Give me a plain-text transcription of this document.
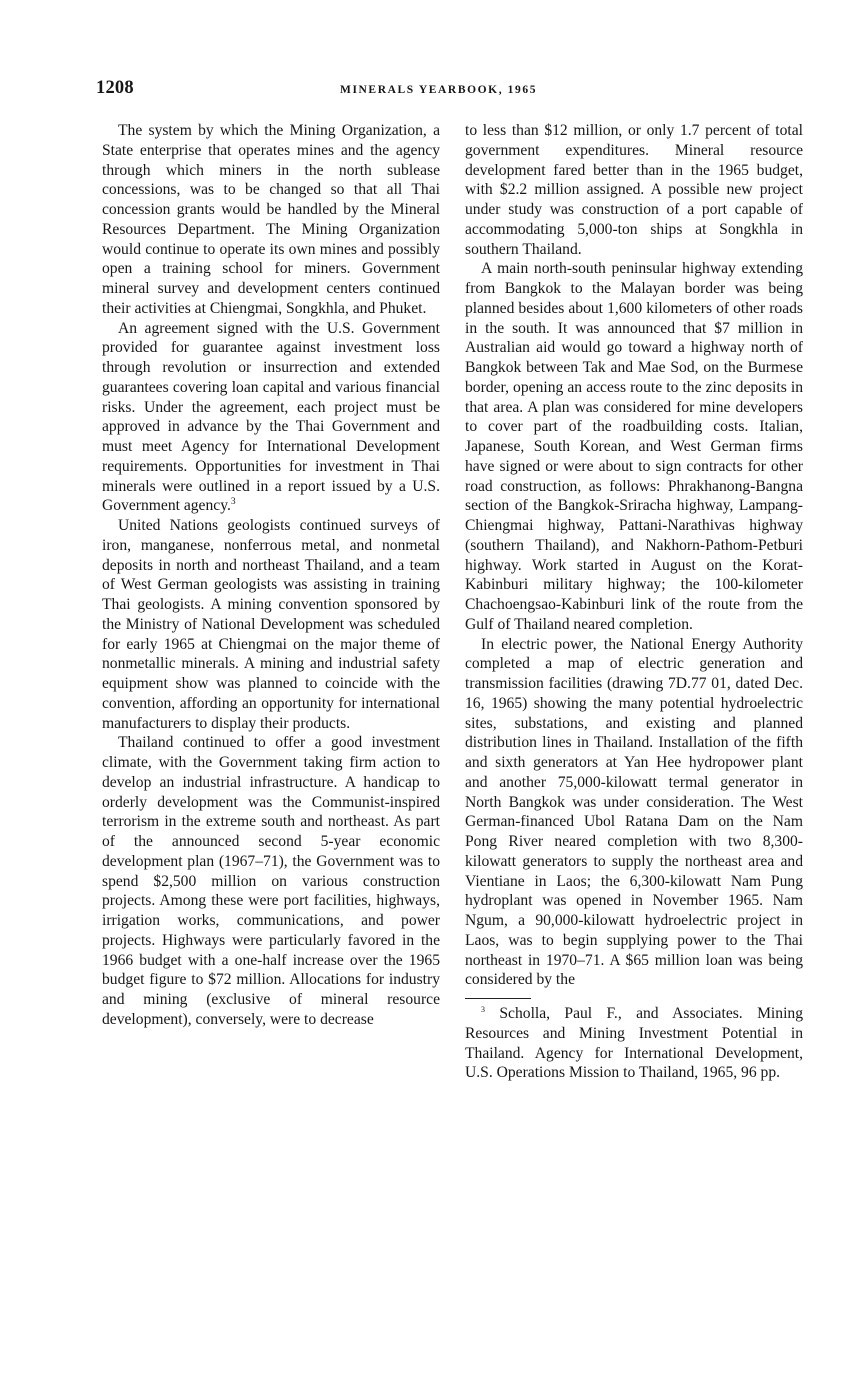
1208	MINERALS YEARBOOK, 1965

The system by which the Mining Organization, a State enterprise that operates mines and the agency through which miners in the north sublease concessions, was to be changed so that all Thai concession grants would be handled by the Mineral Resources Department. The Mining Organization would continue to operate its own mines and possibly open a training school for miners. Government mineral survey and development centers continued their activities at Chiengmai, Songkhla, and Phuket.

An agreement signed with the U.S. Government provided for guarantee against investment loss through revolution or insurrection and extended guarantees covering loan capital and various financial risks. Under the agreement, each project must be approved in advance by the Thai Government and must meet Agency for International Development requirements. Opportunities for investment in Thai minerals were outlined in a report issued by a U.S. Government agency.$^3$

United Nations geologists continued surveys of iron, manganese, nonferrous metal, and nonmetal deposits in north and northeast Thailand, and a team of West German geologists was assisting in training Thai geologists. A mining convention sponsored by the Ministry of National Development was scheduled for early 1965 at Chiengmai on the major theme of nonmetallic minerals. A mining and industrial safety equipment show was planned to coincide with the convention, affording an opportunity for international manufacturers to display their products.

Thailand continued to offer a good investment climate, with the Government taking firm action to develop an industrial infrastructure. A handicap to orderly development was the Communist-inspired terrorism in the extreme south and northeast. As part of the announced second 5-year economic development plan (1967–71), the Government was to spend $2,500 million on various construction projects. Among these were port facilities, highways, irrigation works, communications, and power projects. Highways were particularly favored in the 1966 budget with a one-half increase over the 1965 budget figure to $72 million. Allocations for industry and mining (exclusive of mineral resource development), conversely, were to decrease

to less than $12 million, or only 1.7 percent of total government expenditures. Mineral resource development fared better than in the 1965 budget, with $2.2 million assigned. A possible new project under study was construction of a port capable of accommodating 5,000-ton ships at Songkhla in southern Thailand.

A main north-south peninsular highway extending from Bangkok to the Malayan border was being planned besides about 1,600 kilometers of other roads in the south. It was announced that $7 million in Australian aid would go toward a highway north of Bangkok between Tak and Mae Sod, on the Burmese border, opening an access route to the zinc deposits in that area. A plan was considered for mine developers to cover part of the roadbuilding costs. Italian, Japanese, South Korean, and West German firms have signed or were about to sign contracts for other road construction, as follows: Phrakhanong-Bangna section of the Bangkok-Sriracha highway, Lampang-Chiengmai highway, Pattani-Narathivas highway (southern Thailand), and Nakhorn-Pathom-Petburi highway. Work started in August on the Korat-Kabinburi military highway; the 100-kilometer Chachoengsao-Kabinburi link of the route from the Gulf of Thailand neared completion.

In electric power, the National Energy Authority completed a map of electric generation and transmission facilities (drawing 7D.77 01, dated Dec. 16, 1965) showing the many potential hydroelectric sites, substations, and existing and planned distribution lines in Thailand. Installation of the fifth and sixth generators at Yan Hee hydropower plant and another 75,000-kilowatt termal generator in North Bangkok was under consideration. The West German-financed Ubol Ratana Dam on the Nam Pong River neared completion with two 8,300-kilowatt generators to supply the northeast area and Vientiane in Laos; the 6,300-kilowatt Nam Pung hydroplant was opened in November 1965. Nam Ngum, a 90,000-kilowatt hydroelectric project in Laos, was to begin supplying power to the Thai northeast in 1970–71. A $65 million loan was being considered by the

$^3$ Scholla, Paul F., and Associates. Mining Resources and Mining Investment Potential in Thailand. Agency for International Development, U.S. Operations Mission to Thailand, 1965, 96 pp.
